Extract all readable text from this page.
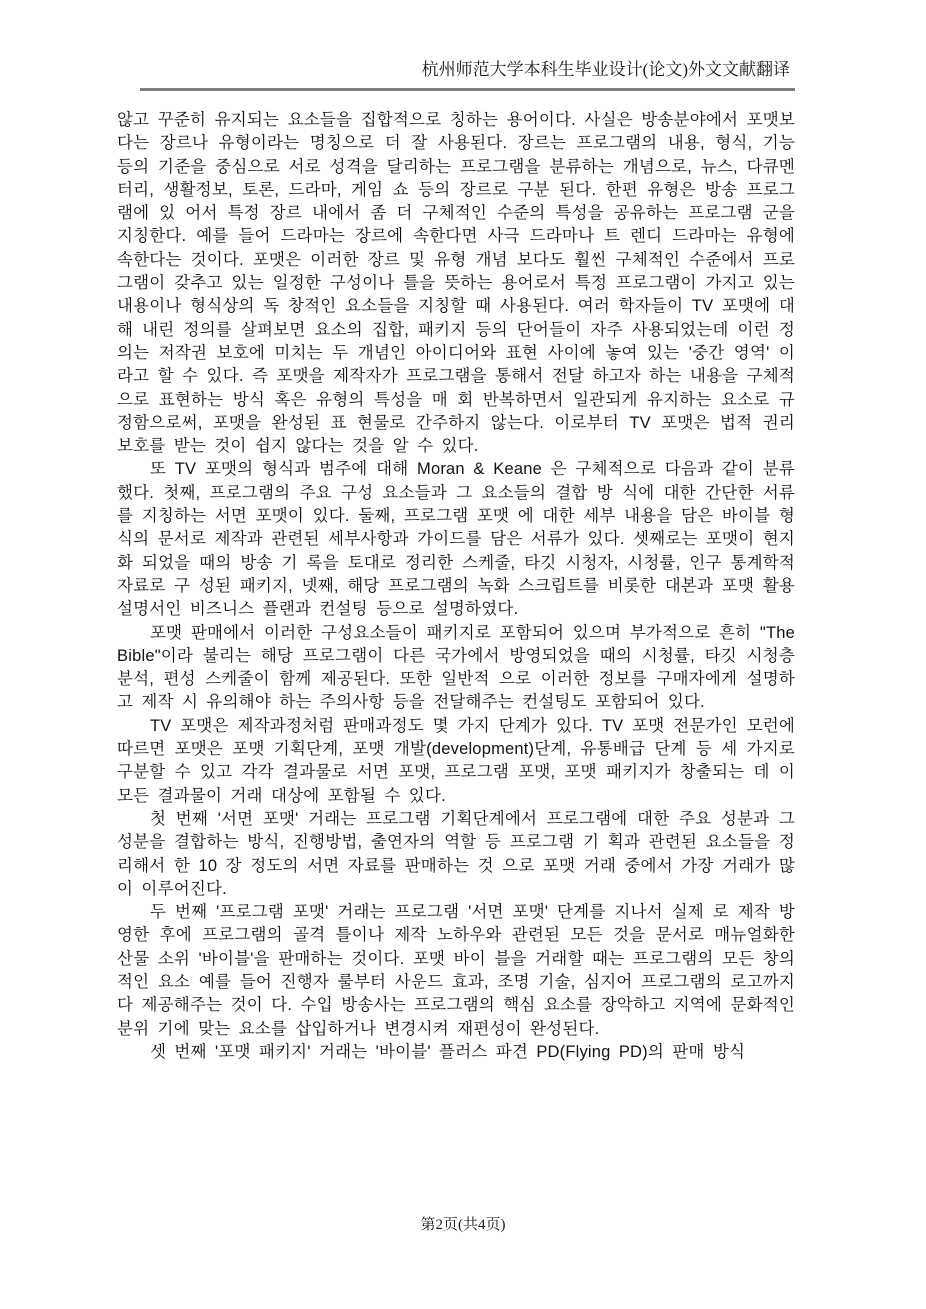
杭州师范大学本科生毕业设计(论文)外文文献翻译

않고 꾸준히 유지되는 요소들을 집합적으로 칭하는 용어이다. 사실은 방송분야에서 포맷보다는 장르나 유형이라는 명칭으로 더 잘 사용된다. 장르는 프로그램의 내용, 형식, 기능 등의 기준을 중심으로 서로 성격을 달리하는 프로그램을 분류하는 개념으로, 뉴스, 다큐멘터리, 생활정보, 토론, 드라마, 게임 쇼 등의 장르로 구분 된다. 한편 유형은 방송 프로그램에 있 어서 특정 장르 내에서 좀 더 구체적인 수준의 특성을 공유하는 프로그램 군을 지칭한다. 예를 들어 드라마는 장르에 속한다면 사극 드라마나 트 렌디 드라마는 유형에 속한다는 것이다. 포맷은 이러한 장르 및 유형 개념 보다도 훨씬 구체적인 수준에서 프로그램이 갖추고 있는 일정한 구성이나 틀을 뜻하는 용어로서 특정 프로그램이 가지고 있는 내용이나 형식상의 독 창적인 요소들을 지칭할 때 사용된다. 여러 학자들이 TV 포맷에 대해 내린 정의를 살펴보면 요소의 집합, 패키지 등의 단어들이 자주 사용되었는데 이런 정의는 저작권 보호에 미치는 두 개념인 아이디어와 표현 사이에 놓여 있는 '중간 영역' 이라고 할 수 있다. 즉 포맷을 제작자가 프로그램을 통해서 전달 하고자 하는 내용을 구체적으로 표현하는 방식 혹은 유형의 특성을 매 회 반복하면서 일관되게 유지하는 요소로 규정함으로써, 포맷을 완성된 표 현물로 간주하지 않는다. 이로부터 TV 포맷은 법적 권리 보호를 받는 것이 쉽지 않다는 것을 알 수 있다.

또 TV 포맷의 형식과 범주에 대해 Moran & Keane 은 구체적으로 다음과 같이 분류했다. 첫째, 프로그램의 주요 구성 요소들과 그 요소들의 결합 방 식에 대한 간단한 서류를 지칭하는 서면 포맷이 있다. 둘째, 프로그램 포맷 에 대한 세부 내용을 담은 바이블 형식의 문서로 제작과 관련된 세부사항과 가이드를 담은 서류가 있다. 셋째로는 포맷이 현지화 되었을 때의 방송 기 록을 토대로 정리한 스케줄, 타깃 시청자, 시청률, 인구 통계학적 자료로 구 성된 패키지, 넷째, 해당 프로그램의 녹화 스크립트를 비롯한 대본과 포맷 활용 설명서인 비즈니스 플랜과 컨설팅 등으로 설명하였다.

포맷 판매에서 이러한 구성요소들이 패키지로 포함되어 있으며 부가적으로 흔히 "The Bible"이라 불리는 해당 프로그램이 다른 국가에서 방영되었을 때의 시청률, 타깃 시청층 분석, 편성 스케줄이 함께 제공된다. 또한 일반적 으로 이러한 정보를 구매자에게 설명하고 제작 시 유의해야 하는 주의사항 등을 전달해주는 컨설팅도 포함되어 있다.

TV 포맷은 제작과정처럼 판매과정도 몇 가지 단계가 있다. TV 포맷 전문가인 모런에 따르면 포맷은 포맷 기획단계, 포맷 개발(development)단계, 유통배급 단계 등 세 가지로 구분할 수 있고 각각 결과물로 서면 포맷, 프로그램 포맷, 포맷 패키지가 창출되는 데 이 모든 결과물이 거래 대상에 포함될 수 있다.

첫 번째 '서면 포맷' 거래는 프로그램 기획단계에서 프로그램에 대한 주요 성분과 그 성분을 결합하는 방식, 진행방법, 출연자의 역할 등 프로그램 기 획과 관련된 요소들을 정리해서 한 10 장 정도의 서면 자료를 판매하는 것 으로 포맷 거래 중에서 가장 거래가 많이 이루어진다.

두 번째 '프로그램 포맷' 거래는 프로그램 '서면 포맷' 단계를 지나서 실제 로 제작 방영한 후에 프로그램의 골격 틀이나 제작 노하우와 관련된 모든 것을 문서로 매뉴얼화한 산물 소위 '바이블'을 판매하는 것이다. 포맷 바이 블을 거래할 때는 프로그램의 모든 창의적인 요소 예를 들어 진행자 룰부터 사운드 효과, 조명 기술, 심지어 프로그램의 로고까지 다 제공해주는 것이 다. 수입 방송사는 프로그램의 핵심 요소를 장악하고 지역에 문화적인 분위 기에 맞는 요소를 삽입하거나 변경시켜 재편성이 완성된다.

셋 번째 '포맷 패키지' 거래는 '바이블' 플러스 파견 PD(Flying PD)의 판매 방식

第2页(共4页)
